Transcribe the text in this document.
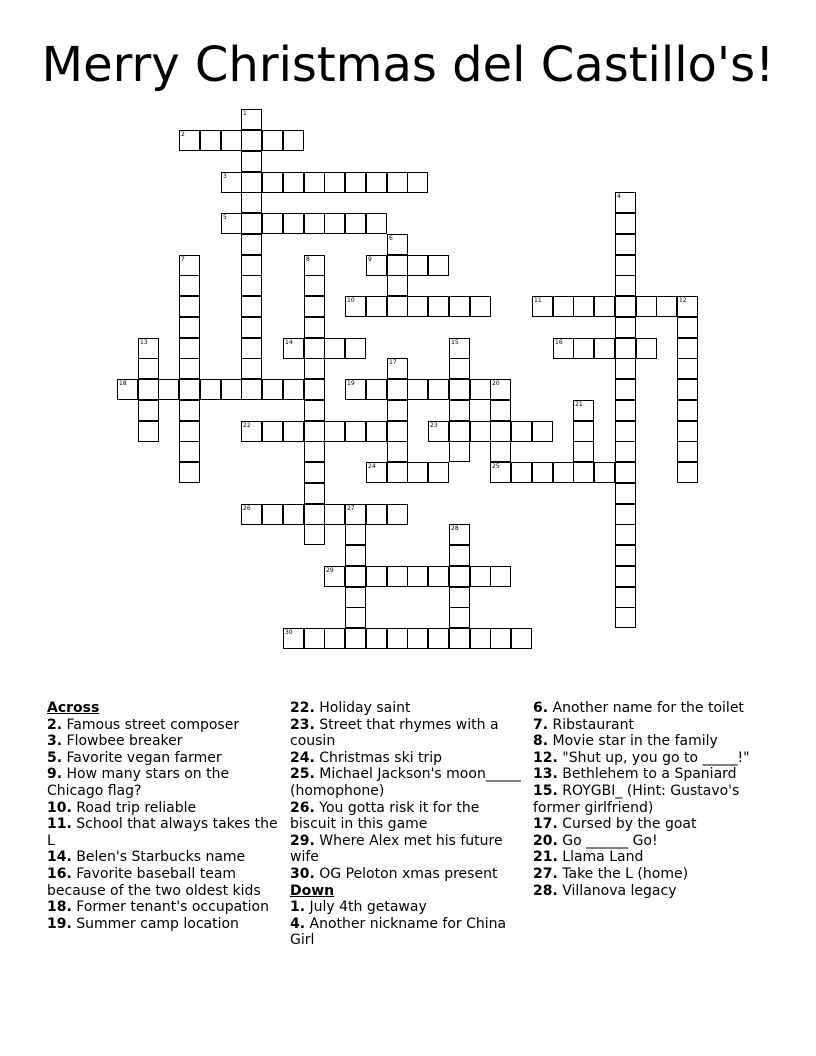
Merry Christmas del Castillo's!
2
3
5
9
10	11	12
14	16
18	19
22	23
24	25
26	27
29
30
1
4
6
7	8
13	15
17
20
21
28
Across
2. Famous street composer
3. Flowbee breaker
5. Favorite vegan farmer
9. How many stars on the Chicago flag?
10. Road trip reliable
11. School that always takes the L
14. Belen's Starbucks name
16. Favorite baseball team because of the two oldest kids
18. Former tenant's occupation
19. Summer camp location
22. Holiday saint
23. Street that rhymes with a cousin
24. Christmas ski trip
25. Michael Jackson's moon_____ (homophone)
26. You gotta risk it for the biscuit in this game
29. Where Alex met his future wife
30. OG Peloton xmas present
Down
1. July 4th getaway
4. Another nickname for China Girl
6. Another name for the toilet
7. Ribstaurant
8. Movie star in the family
12. "Shut up, you go to _____!"
13. Bethlehem to a Spaniard
15. ROYGBI_ (Hint: Gustavo's former girlfriend)
17. Cursed by the goat
20. Go ______ Go!
21. Llama Land
27. Take the L (home)
28. Villanova legacy
